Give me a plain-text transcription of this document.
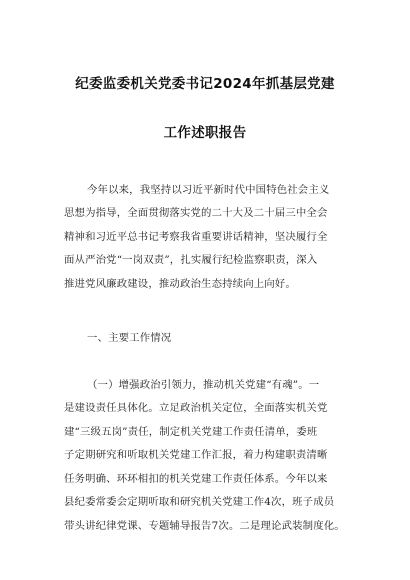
纪委监委机关党委书记2024年抓基层党建
工作述职报告
今年以来，我坚持以习近平新时代中国特色社会主义
思想为指导，全面贯彻落实党的二十大及二十届三中全会
精神和习近平总书记考察我省重要讲话精神，坚决履行全
面从严治党“一岗双责”，扎实履行纪检监察职责，深入
推进党风廉政建设，推动政治生态持续向上向好。
一、主要工作情况
（一）增强政治引领力，推动机关党建“有魂”。一
是建设责任具体化。立足政治机关定位，全面落实机关党
建“三级五岗”责任，制定机关党建工作责任清单，委班
子定期研究和听取机关党建工作汇报，着力构建职责清晰
任务明确、环环相扣的机关党建工作责任体系。今年以来
县纪委常委会定期听取和研究机关党建工作4次，班子成员
带头讲纪律党课、专题辅导报告7次。二是理论武装制度化。
